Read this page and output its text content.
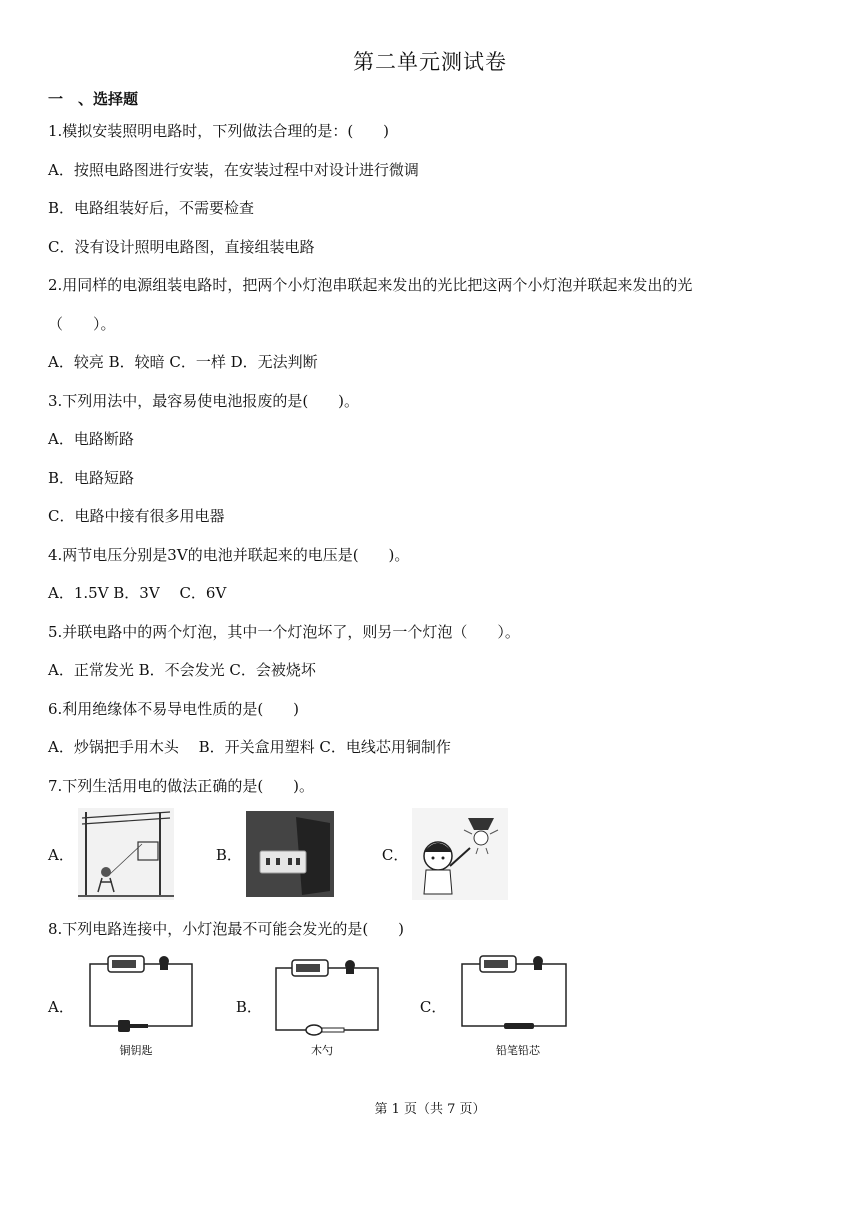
第二单元测试卷
一　、选择题
1.模拟安装照明电路时，下列做法合理的是：(　　)
A．按照电路图进行安装，在安装过程中对设计进行微调
B．电路组装好后，不需要检查
C．没有设计照明电路图，直接组装电路
2.用同样的电源组装电路时，把两个小灯泡串联起来发出的光比把这两个小灯泡并联起来发出的光
（　　）。
A．较亮 B．较暗 C．一样 D．无法判断
3.下列用法中，最容易使电池报废的是(　　)。
A．电路断路
B．电路短路
C．电路中接有很多用电器
4.两节电压分别是3V的电池并联起来的电压是(　　)。
A．1.5V B．3V　 C．6V
5.并联电路中的两个灯泡，其中一个灯泡坏了，则另一个灯泡（　　）。
A．正常发光 B．不会发光 C．会被烧坏
6.利用绝缘体不易导电性质的是(　　)
A．炒锅把手用木头　 B．开关盒用塑料 C．电线芯用铜制作
7.下列生活用电的做法正确的是(　　)。
A．	B．	C．
8.下列电路连接中，小灯泡最不可能会发光的是(　　)
A．
铜钥匙
B．
木勺
C．
铅笔铅芯
第 1 页（共 7 页）
